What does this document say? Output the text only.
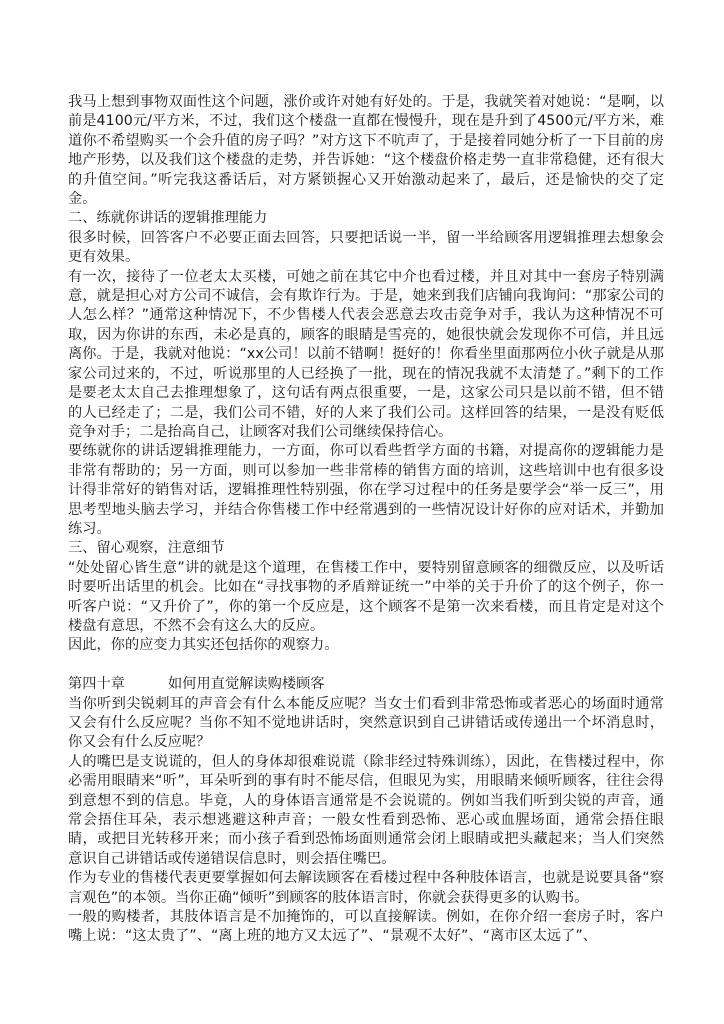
我马上想到事物双面性这个问题，涨价或许对她有好处的。于是，我就笑着对她说：“是啊，以前是4100元/平方米，不过，我们这个楼盘一直都在慢慢升，现在是升到了4500元/平方米，难道你不希望购买一个会升值的房子吗？”对方这下不吭声了，于是接着同她分析了一下目前的房地产形势，以及我们这个楼盘的走势，并告诉她：“这个楼盘价格走势一直非常稳健，还有很大的升值空间。”听完我这番话后，对方紧锁握心又开始激动起来了，最后，还是愉快的交了定金。

二、练就你讲话的逻辑推理能力

很多时候，回答客户不必要正面去回答，只要把话说一半，留一半给顾客用逻辑推理去想象会更有效果。

有一次，接待了一位老太太买楼，可她之前在其它中介也看过楼，并且对其中一套房子特别满意，就是担心对方公司不诚信，会有欺诈行为。于是，她来到我们店铺向我询问：“那家公司的人怎么样？”通常这种情况下，不少售楼人代表会恶意去攻击竞争对手，我认为这种情况不可取，因为你讲的东西，未必是真的，顾客的眼睛是雪亮的，她很快就会发现你不可信，并且远离你。于是，我就对他说：“xx公司！以前不错啊！挺好的！你看坐里面那两位小伙子就是从那家公司过来的，不过，听说那里的人已经换了一批，现在的情况我就不太清楚了。”剩下的工作是要老太太自己去推理想象了，这句话有两点很重要，一是，这家公司只是以前不错，但不错的人已经走了；二是，我们公司不错，好的人来了我们公司。这样回答的结果，一是没有贬低竞争对手；二是抬高自己，让顾客对我们公司继续保持信心。

要练就你的讲话逻辑推理能力，一方面，你可以看些哲学方面的书籍，对提高你的逻辑能力是非常有帮助的；另一方面，则可以参加一些非常棒的销售方面的培训，这些培训中也有很多设计得非常好的销售对话，逻辑推理性特别强，你在学习过程中的任务是要学会“举一反三”，用思考型地头脑去学习，并结合你售楼工作中经常遇到的一些情况设计好你的应对话术，并勤加练习。

三、留心观察，注意细节

“处处留心皆生意”讲的就是这个道理，在售楼工作中，要特别留意顾客的细微反应，以及听话时要听出话里的机会。比如在“寻找事物的矛盾辩证统一”中举的关于升价了的这个例子，你一听客户说：“又升价了”，你的第一个反应是，这个顾客不是第一次来看楼，而且肯定是对这个楼盘有意思，不然不会有这么大的反应。

因此，你的应变力其实还包括你的观察力。

第四十章	如何用直觉解读购楼顾客

当你听到尖锐刺耳的声音会有什么本能反应呢？当女士们看到非常恐怖或者恶心的场面时通常又会有什么反应呢？当你不知不觉地讲话时，突然意识到自己讲错话或传递出一个坏消息时，你又会有什么反应呢？

人的嘴巴是支说谎的，但人的身体却很难说谎（除非经过特殊训练），因此，在售楼过程中，你必需用眼睛来“听”，耳朵听到的事有时不能尽信，但眼见为实，用眼睛来倾听顾客，往往会得到意想不到的信息。毕竟，人的身体语言通常是不会说谎的。例如当我们听到尖锐的声音，通常会捂住耳朵，表示想逃避这种声音；一般女性看到恐怖、恶心或血腥场面，通常会捂住眼睛，或把目光转移开来；而小孩子看到恐怖场面则通常会闭上眼睛或把头藏起来；当人们突然意识自己讲错话或传递错误信息时，则会捂住嘴巴。

作为专业的售楼代表更要掌握如何去解读顾客在看楼过程中各种肢体语言，也就是说要具备“察言观色”的本领。当你正确“倾听”到顾客的肢体语言时，你就会获得更多的认购书。

一般的购楼者，其肢体语言是不加掩饰的，可以直接解读。例如，在你介绍一套房子时，客户嘴上说：“这太贵了”、“离上班的地方又太远了”、“景观不太好”、“离市区太远了”、
